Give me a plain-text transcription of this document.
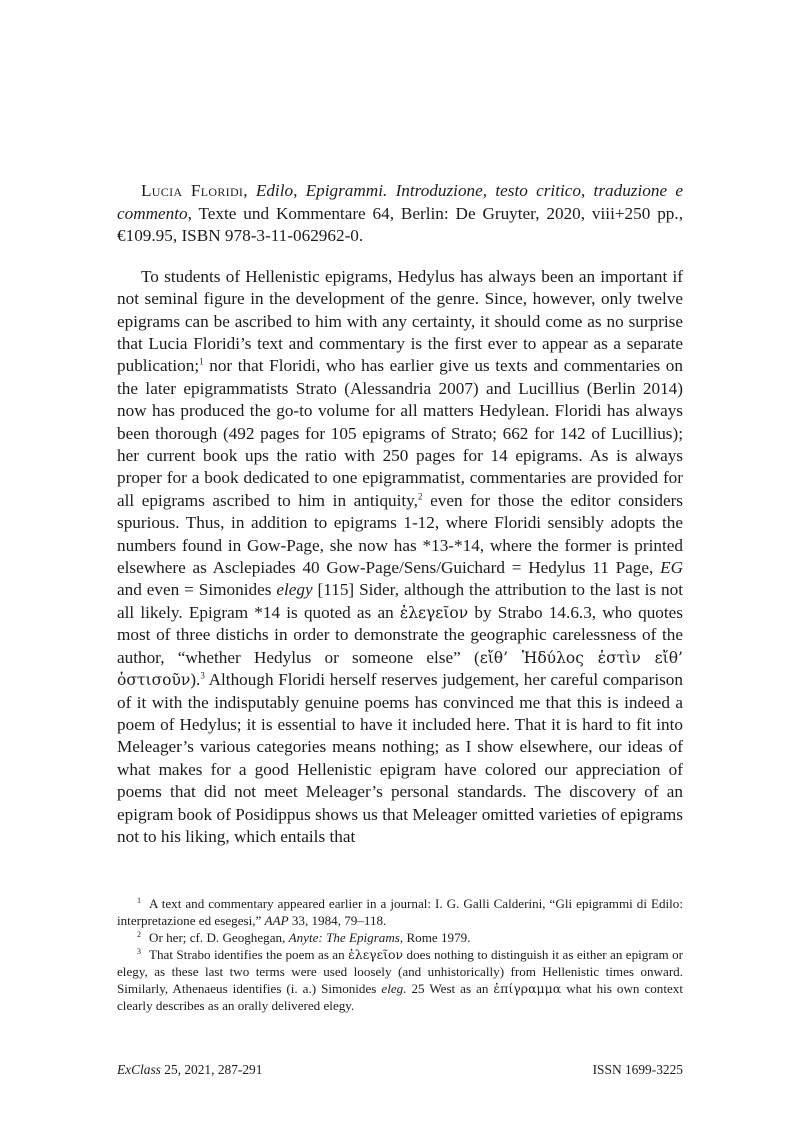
Lucia Floridi, Edilo, Epigrammi. Introduzione, testo critico, traduzione e commento, Texte und Kommentare 64, Berlin: De Gruyter, 2020, viii+250 pp., €109.95, ISBN 978-3-11-062962-0.

To students of Hellenistic epigrams, Hedylus has always been an important if not seminal figure in the development of the genre. Since, however, only twelve epigrams can be ascribed to him with any certainty, it should come as no surprise that Lucia Floridi’s text and commentary is the first ever to appear as a separate publication;$^1$ nor that Floridi, who has earlier give us texts and commentaries on the later epigrammatists Strato (Alessandria 2007) and Lucillius (Berlin 2014) now has produced the go-to volume for all matters Hedylean. Floridi has always been thorough (492 pages for 105 epigrams of Strato; 662 for 142 of Lucillius); her current book ups the ratio with 250 pages for 14 epigrams. As is always proper for a book dedicated to one epigrammatist, commentaries are provided for all epigrams ascribed to him in antiquity,$^2$ even for those the editor considers spurious. Thus, in addition to epigrams 1-12, where Floridi sensibly adopts the numbers found in Gow-Page, she now has *13-*14, where the former is printed elsewhere as Asclepiades 40 Gow-Page/Sens/Guichard = Hedylus 11 Page, EG and even = Simonides elegy [115] Sider, although the attribution to the last is not all likely. Epigram *14 is quoted as an ἐλεγεῖον by Strabo 14.6.3, who quotes most of three distichs in order to demonstrate the geographic carelessness of the author, “whether Hedylus or someone else” (εἴθ’ Ἡδύλος ἐστὶν εἴθ’ ὁστισοῦν).$^3$ Although Floridi herself reserves judgement, her careful comparison of it with the indisputably genuine poems has convinced me that this is indeed a poem of Hedylus; it is essential to have it included here. That it is hard to fit into Meleager’s various categories means nothing; as I show elsewhere, our ideas of what makes for a good Hellenistic epigram have colored our appreciation of poems that did not meet Meleager’s personal standards. The discovery of an epigram book of Posidippus shows us that Meleager omitted varieties of epigrams not to his liking, which entails that

$^1$ A text and commentary appeared earlier in a journal: I. G. Galli Calderini, “Gli epigrammi di Edilo: interpretazione ed esegesi,” AAP 33, 1984, 79–118.

$^2$ Or her; cf. D. Geoghegan, Anyte: The Epigrams, Rome 1979.

$^3$ That Strabo identifies the poem as an ἐλεγεῖον does nothing to distinguish it as either an epigram or elegy, as these last two terms were used loosely (and unhistorically) from Hellenistic times onward. Similarly, Athenaeus identifies (i. a.) Simonides eleg. 25 West as an ἐπίγραμμα what his own context clearly describes as an orally delivered elegy.

ExClass 25, 2021, 287-291	ISSN 1699-3225
